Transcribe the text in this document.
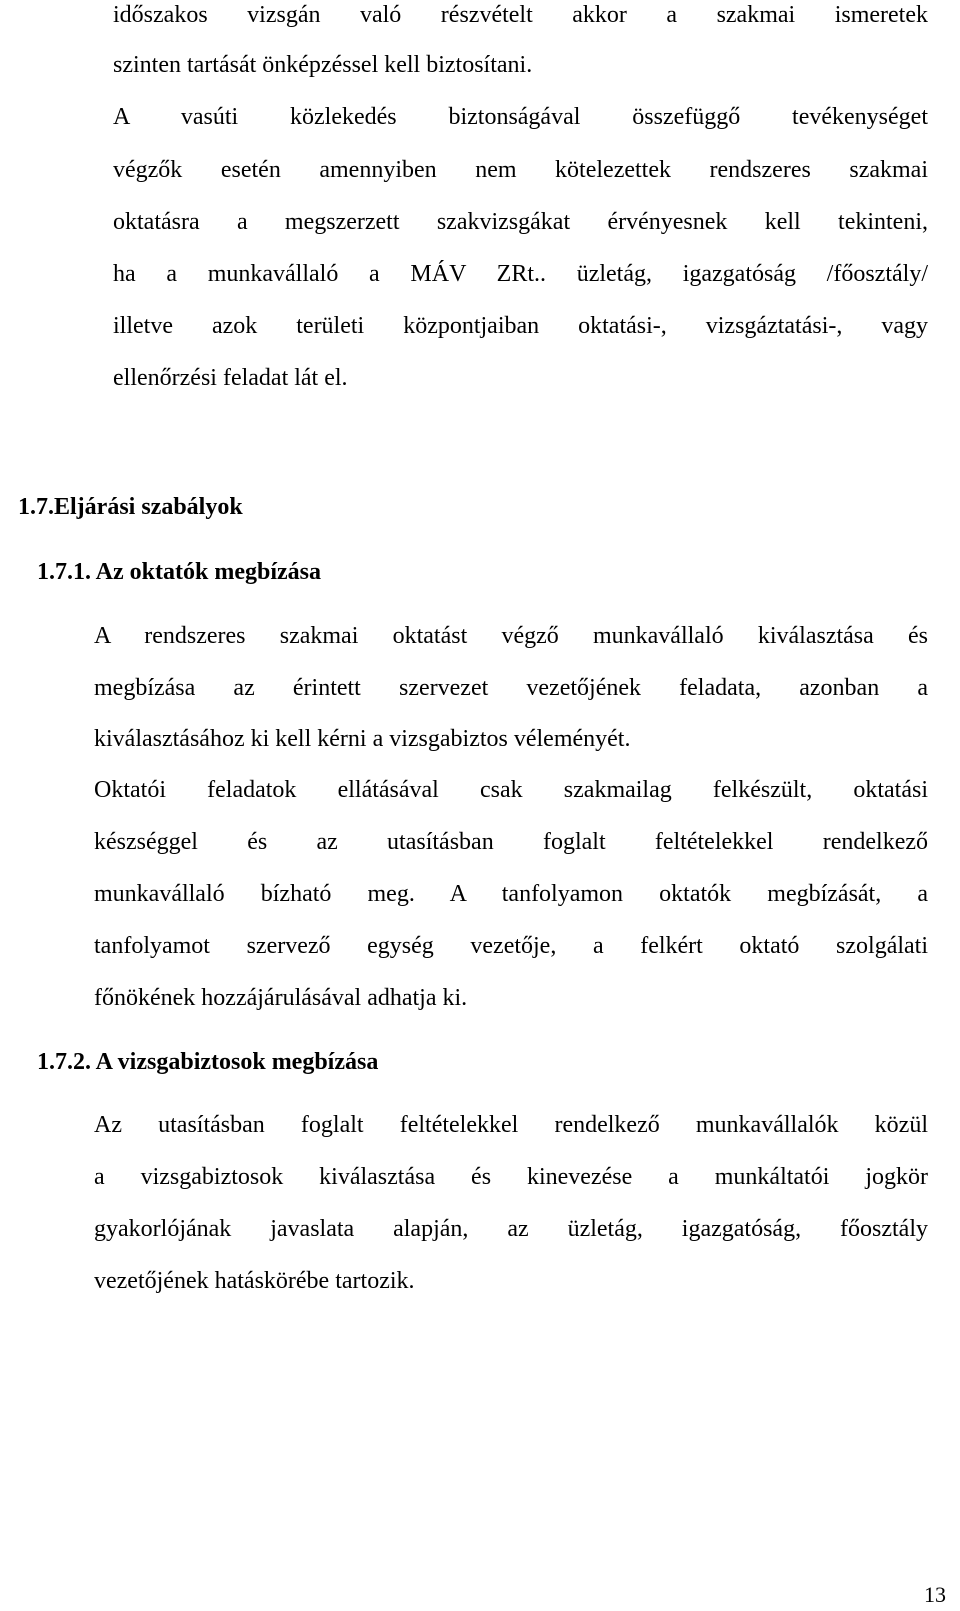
időszakos vizsgán való részvételt akkor a szakmai ismeretek
szinten tartását önképzéssel kell biztosítani.
A vasúti közlekedés biztonságával összefüggő tevékenységet
végzők esetén amennyiben nem kötelezettek rendszeres szakmai
oktatásra a megszerzett szakvizsgákat érvényesnek kell tekinteni,
ha a munkavállaló a MÁV ZRt.. üzletág, igazgatóság /főosztály/
illetve azok területi központjaiban oktatási-, vizsgáztatási-, vagy
ellenőrzési feladat lát el.
1.7.Eljárási szabályok
1.7.1. Az oktatók megbízása
A rendszeres szakmai oktatást végző munkavállaló kiválasztása és
megbízása az érintett szervezet vezetőjének feladata, azonban a
kiválasztásához ki kell kérni a vizsgabiztos véleményét.
Oktatói feladatok ellátásával csak szakmailag felkészült, oktatási
készséggel és az utasításban foglalt feltételekkel rendelkező
munkavállaló bízható meg. A tanfolyamon oktatók megbízását, a
tanfolyamot szervező egység vezetője, a felkért oktató szolgálati
főnökének hozzájárulásával adhatja ki.
1.7.2. A vizsgabiztosok megbízása
Az utasításban foglalt feltételekkel rendelkező munkavállalók közül
a vizsgabiztosok kiválasztása és kinevezése a munkáltatói jogkör
gyakorlójának javaslata alapján, az üzletág, igazgatóság, főosztály
vezetőjének hatáskörébe tartozik.
13
